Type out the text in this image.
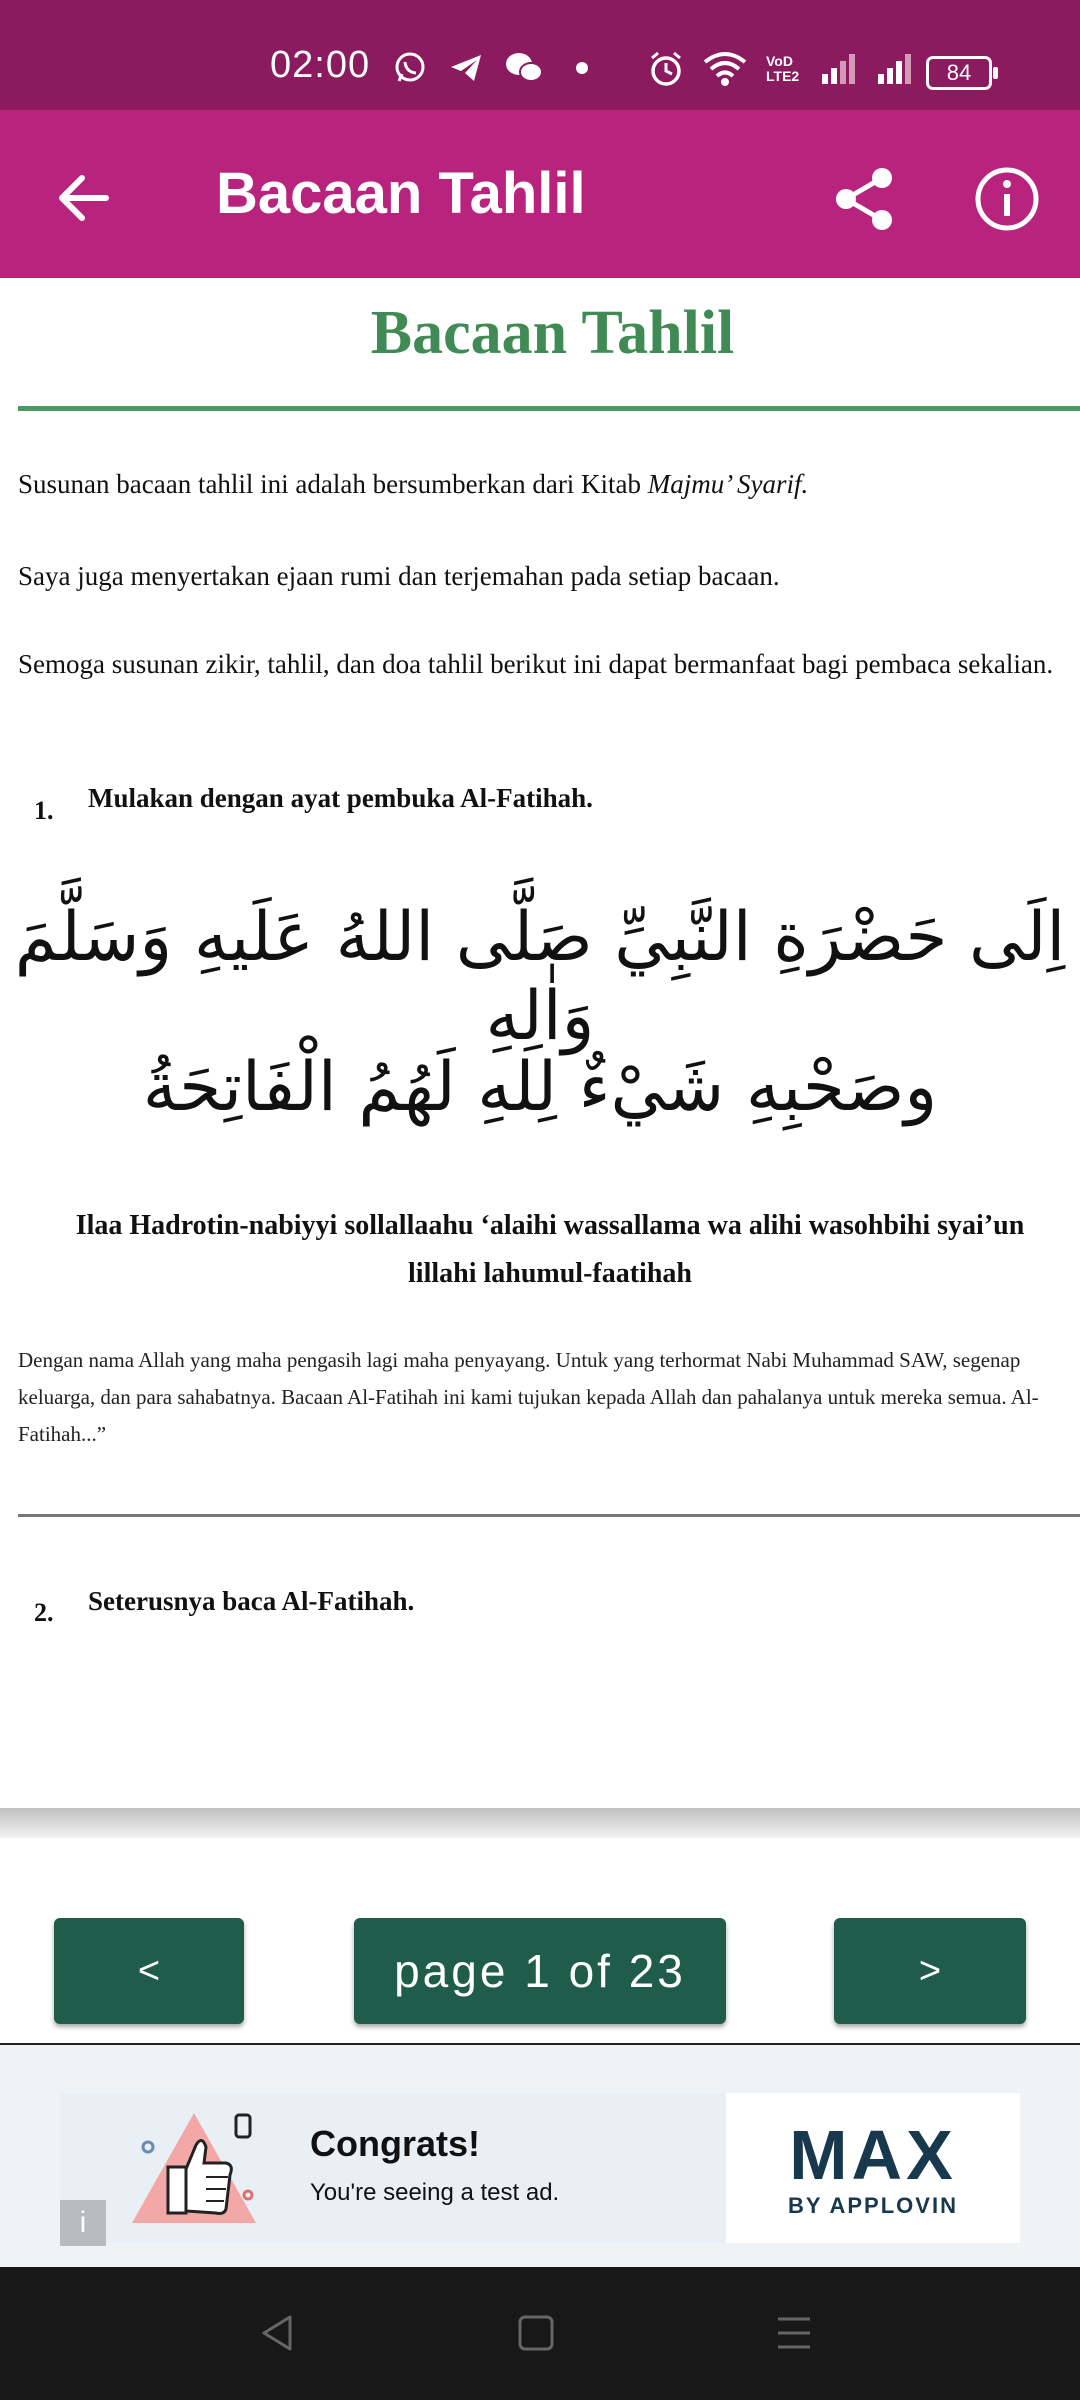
02:00	VoD LTE2	84
Bacaan Tahlil
Bacaan Tahlil
Susunan bacaan tahlil ini adalah bersumberkan dari Kitab Majmu’ Syarif.
Saya juga menyertakan ejaan rumi dan terjemahan pada setiap bacaan.
Semoga susunan zikir, tahlil, dan doa tahlil berikut ini dapat bermanfaat bagi pembaca sekalian.
1. Mulakan dengan ayat pembuka Al-Fatihah.
اِلَى حَضْرَةِ النَّبِيِّ صَلَّى اللهُ عَلَيهِ وَسَلَّمَ وَاٰلِهِ
وصَحْبِهِ شَيْءٌ لِلهِ لَهُمُ الْفَاتِحَةُ
Ilaa Hadrotin-nabiyyi sollallaahu ‘alaihi wassallama wa alihi wasohbihi syai’un lillahi lahumul-faatihah
Dengan nama Allah yang maha pengasih lagi maha penyayang. Untuk yang terhormat Nabi Muhammad SAW, segenap keluarga, dan para sahabatnya. Bacaan Al-Fatihah ini kami tujukan kepada Allah dan pahalanya untuk mereka semua. Al-Fatihah...”
2. Seterusnya baca Al-Fatihah.
<	page 1 of 23	>
Congrats!
You're seeing a test ad.	MAX
BY APPLOVIN
i
